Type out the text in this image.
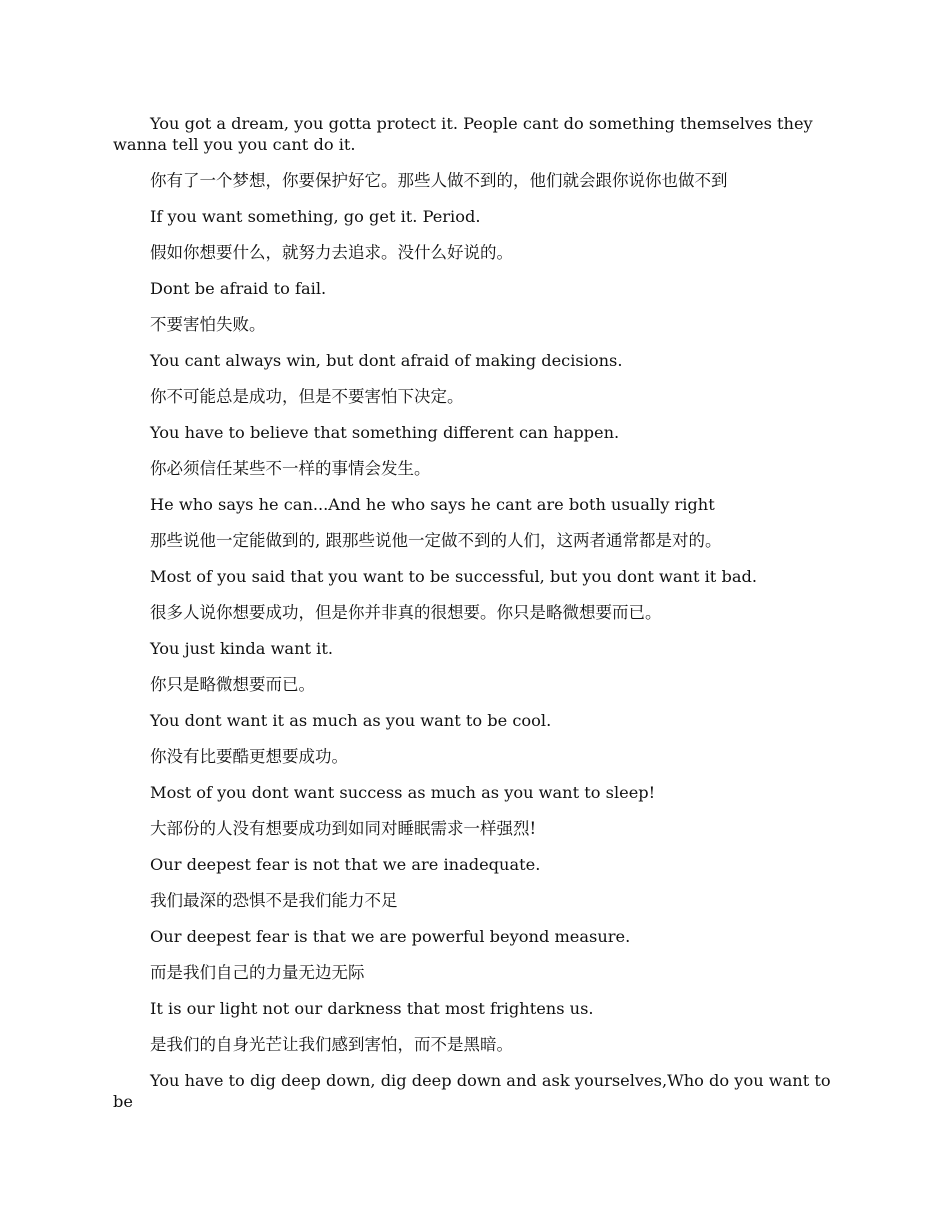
You got a dream, you gotta protect it. People cant do something themselves they wanna tell you you cant do it.

你有了一个梦想，你要保护好它。那些人做不到的，他们就会跟你说你也做不到

If you want something, go get it. Period.

假如你想要什么，就努力去追求。没什么好说的。

Dont be afraid to fail.

不要害怕失败。

You cant always win, but dont afraid of making decisions.

你不可能总是成功，但是不要害怕下决定。

You have to believe that something different can happen.

你必须信任某些不一样的事情会发生。

He who says he can...And he who says he cant are both usually right

那些说他一定能做到的, 跟那些说他一定做不到的人们，这两者通常都是对的。

Most of you said that you want to be successful, but you dont want it bad.

很多人说你想要成功，但是你并非真的很想要。你只是略微想要而已。

You just kinda want it.

你只是略微想要而已。

You dont want it as much as you want to be cool.

你没有比要酷更想要成功。

Most of you dont want success as much as you want to sleep!

大部份的人没有想要成功到如同对睡眠需求一样强烈!

Our deepest fear is not that we are inadequate.

我们最深的恐惧不是我们能力不足

Our deepest fear is that we are powerful beyond measure.

而是我们自己的力量无边无际

It is our light not our darkness that most frightens us.

是我们的自身光芒让我们感到害怕，而不是黑暗。

You have to dig deep down, dig deep down and ask yourselves,Who do you want to be
